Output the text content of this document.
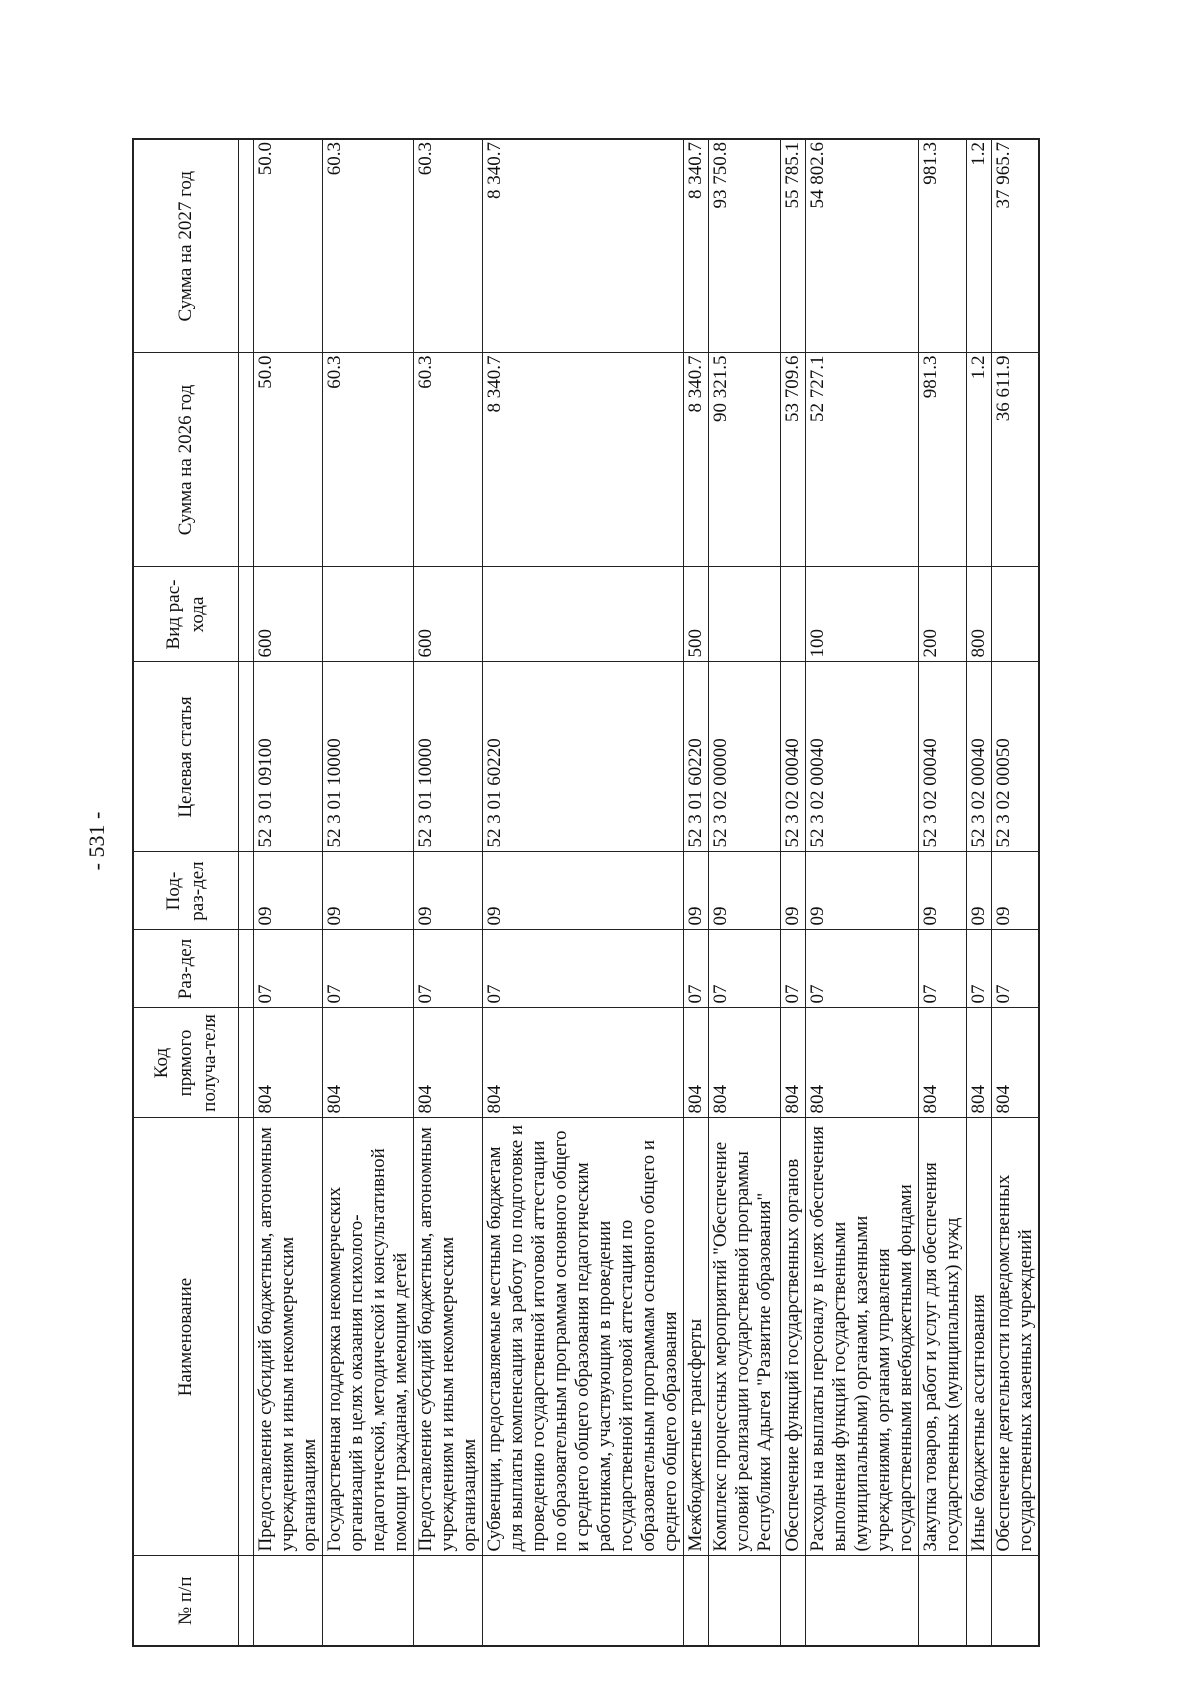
- 531 -
№ п/п	Наименование	Код прямого получа-теля	Раз-дел	Под-раз-дел	Целевая статья	Вид рас-хода	Сумма на 2026 год	Сумма на 2027 год

	Предоставление субсидий бюджетным, автономным учреждениям и иным некоммерческим организациям	804	07	09	52 3 01 09100	600	50.0	50.0
	Государственная поддержка некоммерческих организаций в целях оказания психолого-педагогической, методической и консультативной помощи гражданам, имеющим детей	804	07	09	52 3 01 10000		60.3	60.3
	Предоставление субсидий бюджетным, автономным учреждениям и иным некоммерческим организациям	804	07	09	52 3 01 10000	600	60.3	60.3
	Субвенции, предоставляемые местным бюджетам для выплаты компенсации за работу по подготовке и проведению государственной итоговой аттестации по образовательным программам основного общего и среднего общего образования педагогическим работникам, участвующим в проведении государственной итоговой аттестации по образовательным программам основного общего и среднего общего образования	804	07	09	52 3 01 60220		8 340.7	8 340.7
	Межбюджетные трансферты	804	07	09	52 3 01 60220	500	8 340.7	8 340.7
	Комплекс процессных мероприятий "Обеспечение условий реализации государственной программы Республики Адыгея "Развитие образования"	804	07	09	52 3 02 00000		90 321.5	93 750.8
	Обеспечение функций государственных органов	804	07	09	52 3 02 00040		53 709.6	55 785.1
	Расходы на выплаты персоналу в целях обеспечения выполнения функций государственными (муниципальными) органами, казенными учреждениями, органами управления государственными внебюджетными фондами	804	07	09	52 3 02 00040	100	52 727.1	54 802.6
	Закупка товаров, работ и услуг для обеспечения государственных (муниципальных) нужд	804	07	09	52 3 02 00040	200	981.3	981.3
	Иные бюджетные ассигнования	804	07	09	52 3 02 00040	800	1.2	1.2
	Обеспечение деятельности подведомственных государственных казенных учреждений	804	07	09	52 3 02 00050		36 611.9	37 965.7
